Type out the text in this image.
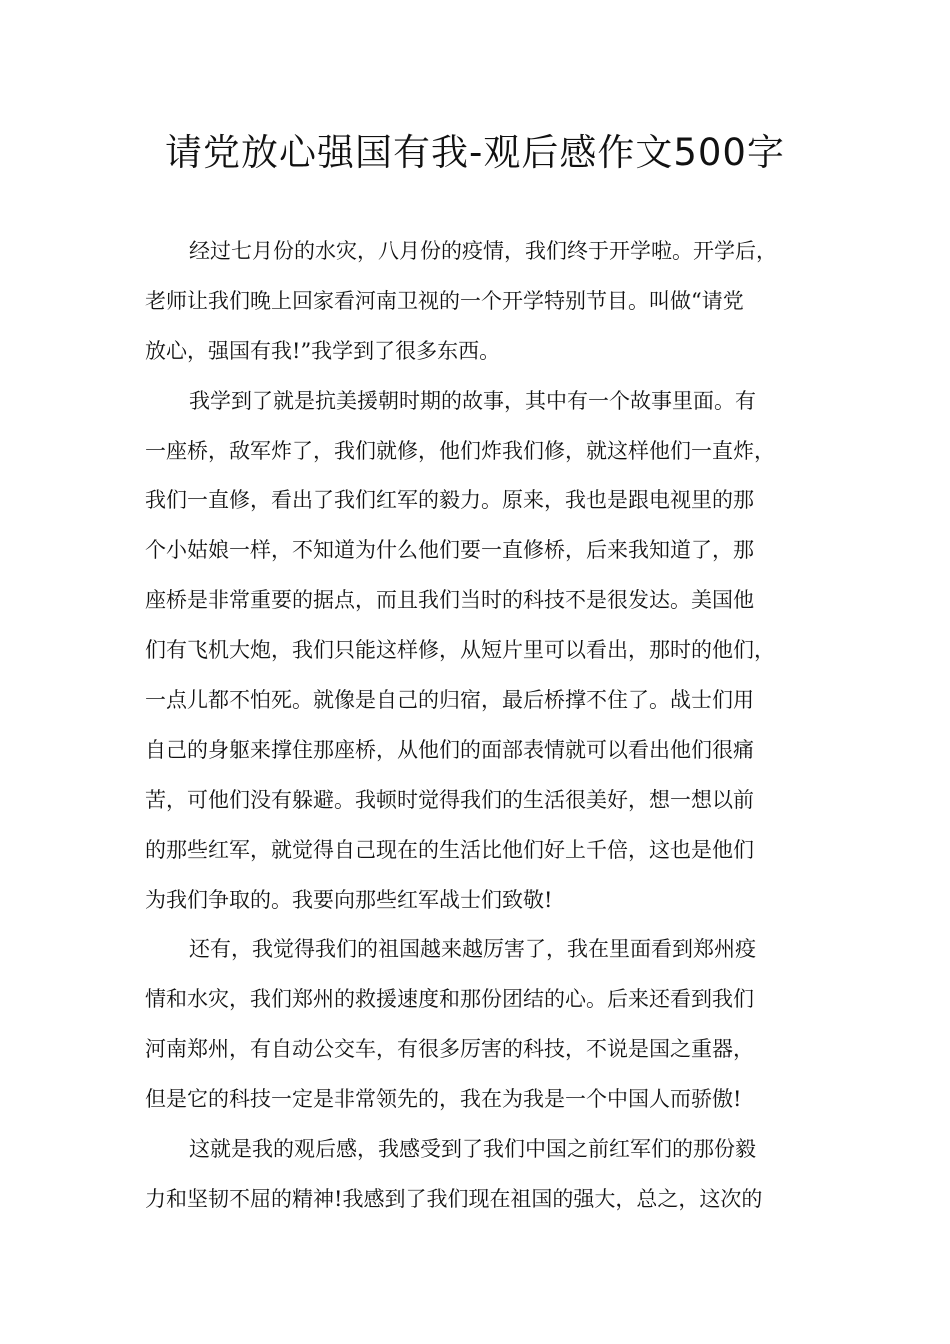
请党放心强国有我-观后感作文500字
经过七月份的水灾，八月份的疫情，我们终于开学啦。开学后，
老师让我们晚上回家看河南卫视的一个开学特别节目。叫做“请党
放心，强国有我!”我学到了很多东西。
我学到了就是抗美援朝时期的故事，其中有一个故事里面。有
一座桥，敌军炸了，我们就修，他们炸我们修，就这样他们一直炸，
我们一直修，看出了我们红军的毅力。原来，我也是跟电视里的那
个小姑娘一样，不知道为什么他们要一直修桥，后来我知道了，那
座桥是非常重要的据点，而且我们当时的科技不是很发达。美国他
们有飞机大炮，我们只能这样修，从短片里可以看出，那时的他们，
一点儿都不怕死。就像是自己的归宿，最后桥撑不住了。战士们用
自己的身躯来撑住那座桥，从他们的面部表情就可以看出他们很痛
苦，可他们没有躲避。我顿时觉得我们的生活很美好，想一想以前
的那些红军，就觉得自己现在的生活比他们好上千倍，这也是他们
为我们争取的。我要向那些红军战士们致敬!
还有，我觉得我们的祖国越来越厉害了，我在里面看到郑州疫
情和水灾，我们郑州的救援速度和那份团结的心。后来还看到我们
河南郑州，有自动公交车，有很多厉害的科技，不说是国之重器，
但是它的科技一定是非常领先的，我在为我是一个中国人而骄傲!
这就是我的观后感，我感受到了我们中国之前红军们的那份毅
力和坚韧不屈的精神!我感到了我们现在祖国的强大，总之，这次的
